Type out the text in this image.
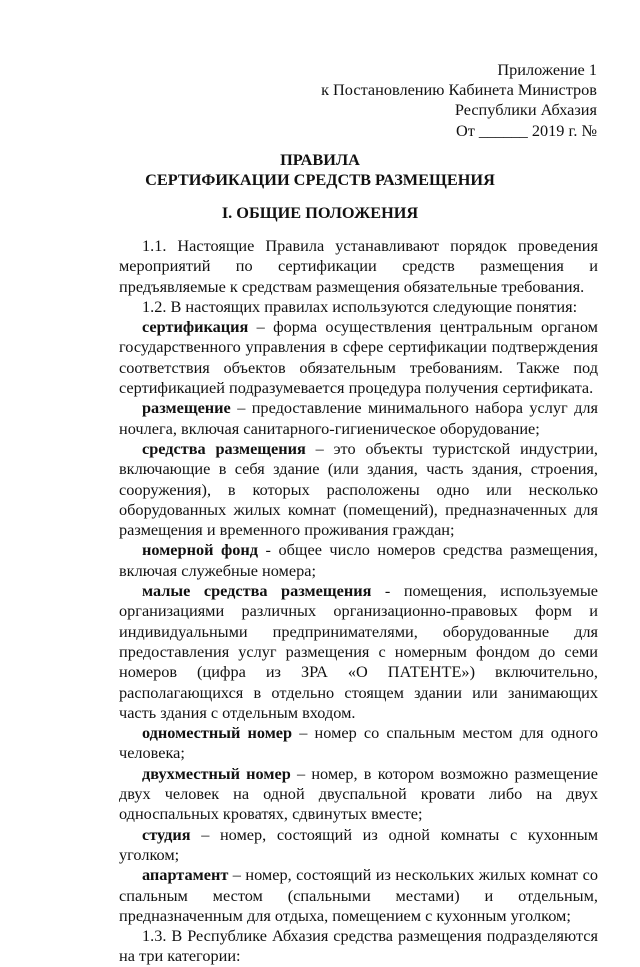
Приложение 1
к Постановлению Кабинета Министров
Республики Абхазия
От ______ 2019 г. №
ПРАВИЛА
СЕРТИФИКАЦИИ СРЕДСТВ РАЗМЕЩЕНИЯ
I. ОБЩИЕ ПОЛОЖЕНИЯ

1.1. Настоящие Правила устанавливают порядок проведения мероприятий по сертификации средств размещения и предъявляемые к средствам размещения обязательные требования.

1.2. В настоящих правилах используются следующие понятия:

сертификация – форма осуществления центральным органом государственного управления в сфере сертификации подтверждения соответствия объектов обязательным требованиям. Также под сертификацией подразумевается процедура получения сертификата.

размещение – предоставление минимального набора услуг для ночлега, включая санитарного-гигиеническое оборудование;

средства размещения – это объекты туристской индустрии, включающие в себя здание (или здания, часть здания, строения, сооружения), в которых расположены одно или несколько оборудованных жилых комнат (помещений), предназначенных для размещения и временного проживания граждан;

номерной фонд - общее число номеров средства размещения, включая служебные номера;

малые средства размещения - помещения, используемые организациями различных организационно-правовых форм и индивидуальными предпринимателями, оборудованные для предоставления услуг размещения с номерным фондом до семи номеров (цифра из ЗРА «О ПАТЕНТЕ») включительно, располагающихся в отдельно стоящем здании или занимающих часть здания с отдельным входом.

одноместный номер – номер со спальным местом для одного человека;

двухместный номер – номер, в котором возможно размещение двух человек на одной двуспальной кровати либо на двух односпальных кроватях, сдвинутых вместе;

студия – номер, состоящий из одной комнаты с кухонным уголком;

апартамент – номер, состоящий из нескольких жилых комнат со спальным местом (спальными местами) и отдельным, предназначенным для отдыха, помещением с кухонным уголком;

1.3. В Республике Абхазия средства размещения подразделяются на три категории:
